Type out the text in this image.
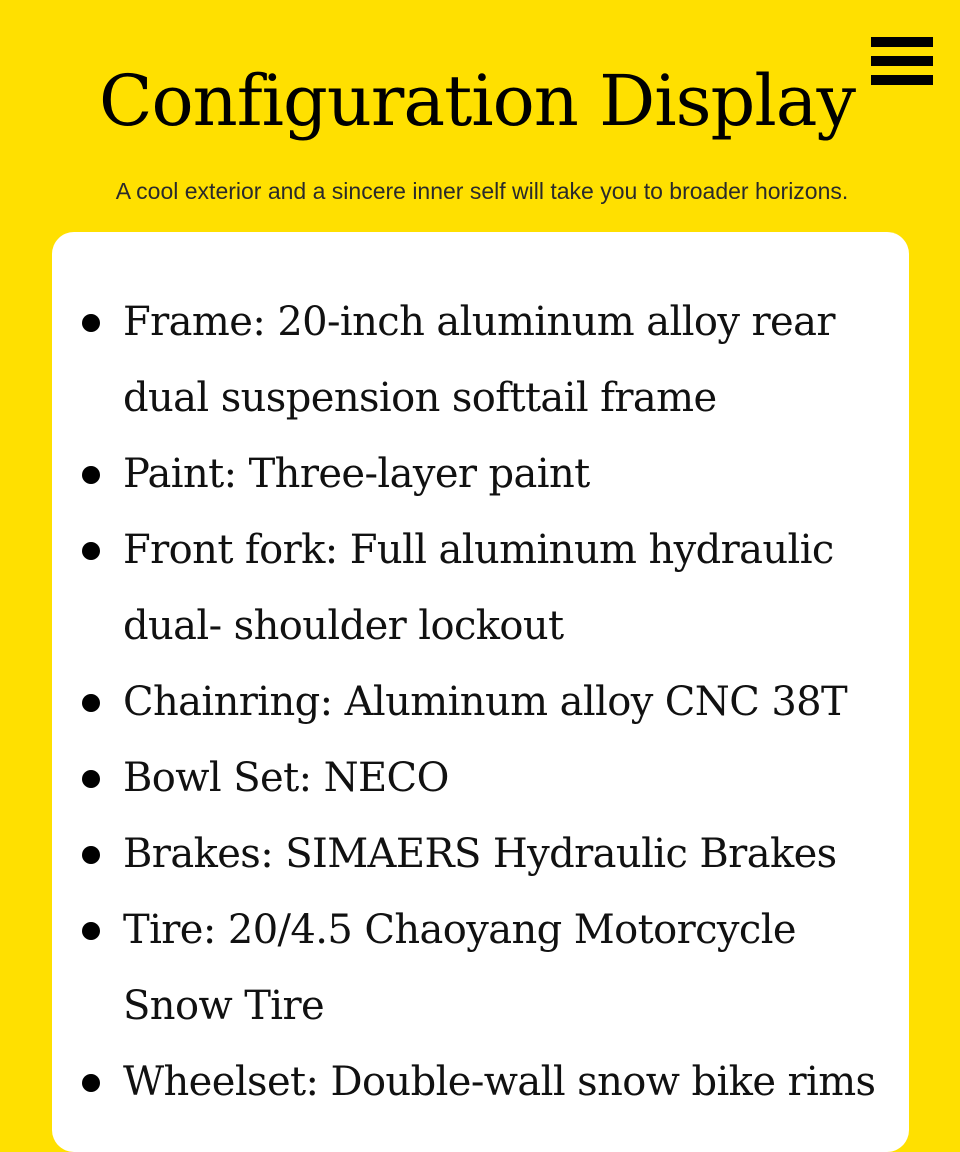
Configuration Display

A cool exterior and a sincere inner self will take you to broader horizons.

Frame: 20-inch aluminum alloy rear dual suspension softtail frame
Paint: Three-layer paint
Front fork: Full aluminum hydraulic dual- shoulder lockout
Chainring: Aluminum alloy CNC 38T
Bowl Set: NECO
Brakes: SIMAERS Hydraulic Brakes
Tire: 20/4.5 Chaoyang Motorcycle Snow Tire
Wheelset: Double-wall snow bike rims
